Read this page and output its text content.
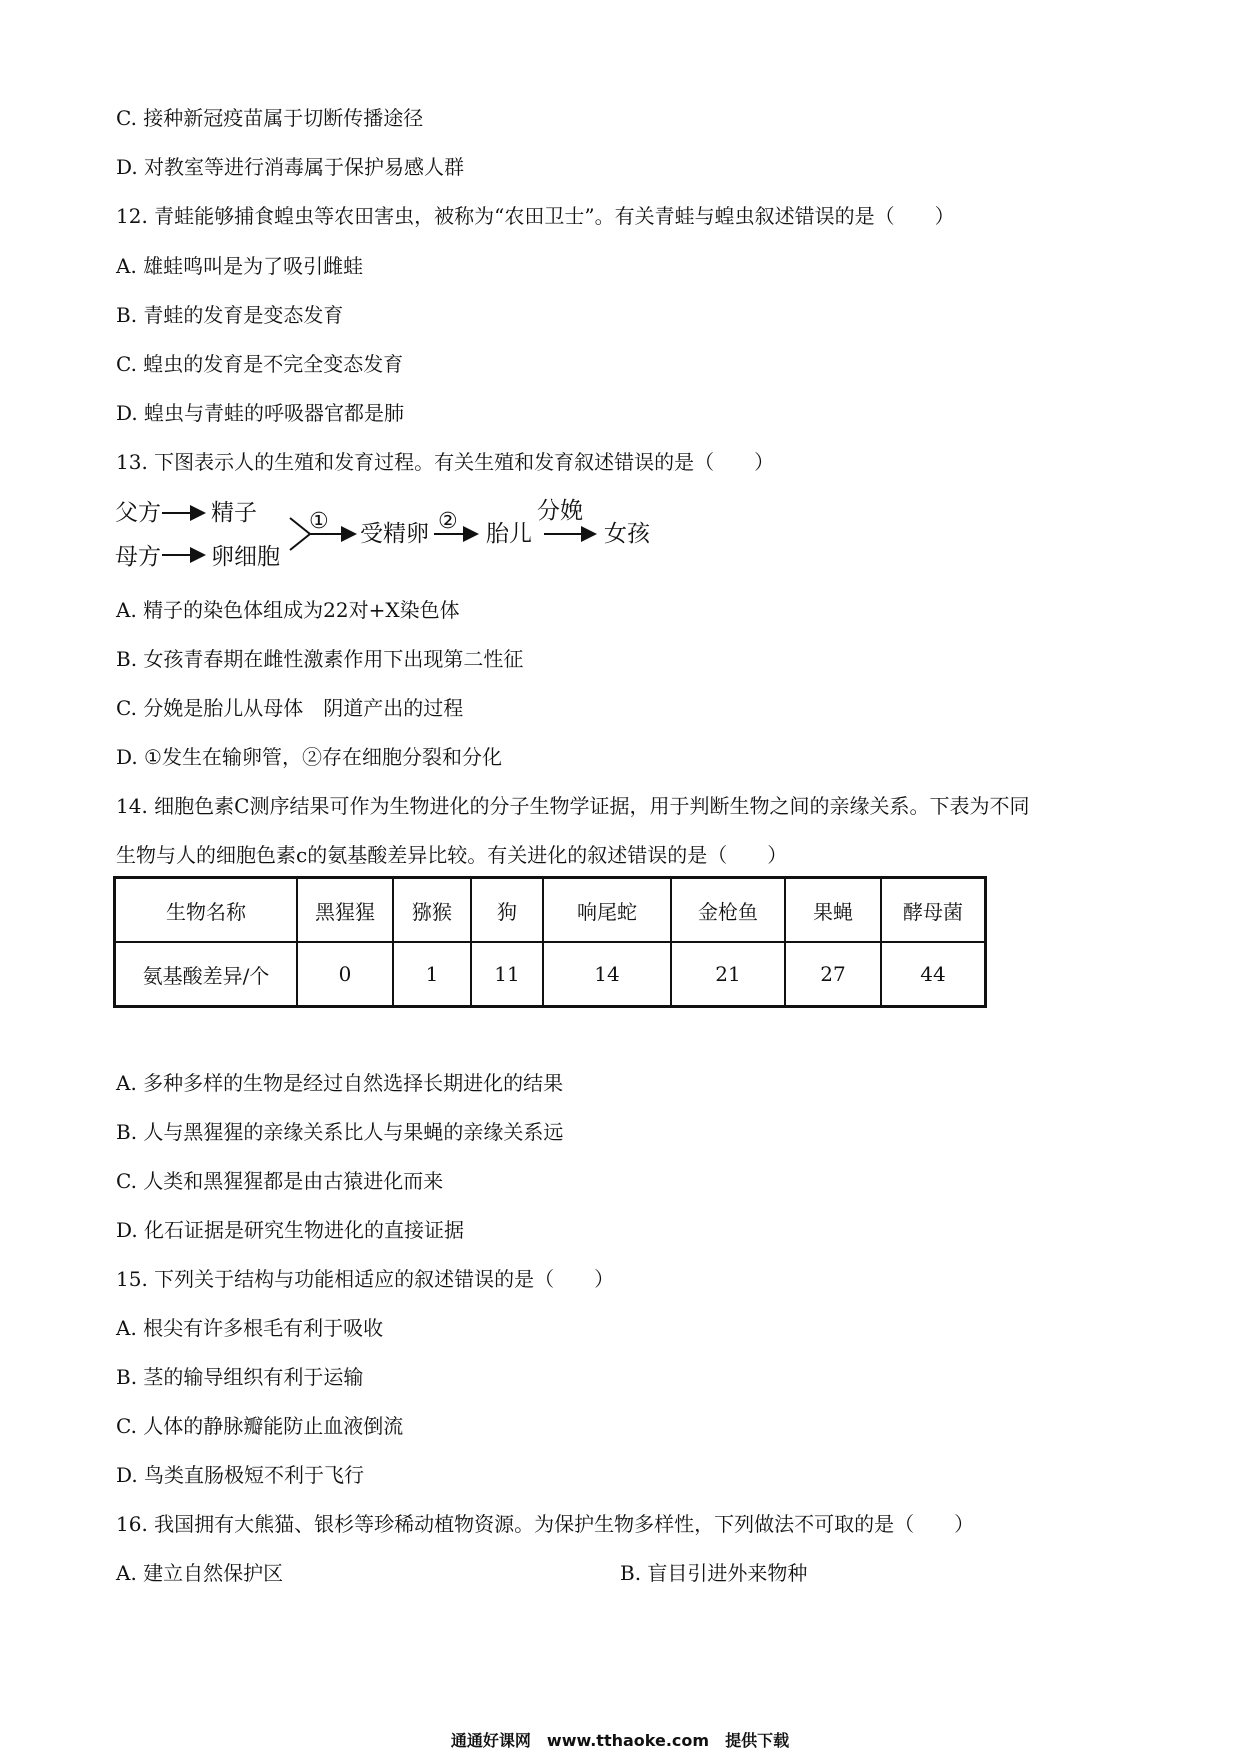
C. 接种新冠疫苗属于切断传播途径
D. 对教室等进行消毒属于保护易感人群
12. 青蛙能够捕食蝗虫等农田害虫，被称为“农田卫士”。有关青蛙与蝗虫叙述错误的是（　　）
A. 雄蛙鸣叫是为了吸引雌蛙
B. 青蛙的发育是变态发育
C. 蝗虫的发育是不完全变态发育
D. 蝗虫与青蛙的呼吸器官都是肺
13. 下图表示人的生殖和发育过程。有关生殖和发育叙述错误的是（　　）
父方 精子
母方 卵细胞
① 受精卵 ② 胎儿
分娩
女孩
A. 精子的染色体组成为22对+X染色体
B. 女孩青春期在雌性激素作用下出现第二性征
C. 分娩是胎儿从母体　阴道产出的过程
D. ①发生在输卵管，②存在细胞分裂和分化
14. 细胞色素C测序结果可作为生物进化的分子生物学证据，用于判断生物之间的亲缘关系。下表为不同
生物与人的细胞色素c的氨基酸差异比较。有关进化的叙述错误的是（　　）
生物名称	黑猩猩	猕猴	狗	响尾蛇	金枪鱼	果蝇	酵母菌
氨基酸差异/个	0	1	11	14	21	27	44
A. 多种多样的生物是经过自然选择长期进化的结果
B. 人与黑猩猩的亲缘关系比人与果蝇的亲缘关系远
C. 人类和黑猩猩都是由古猿进化而来
D. 化石证据是研究生物进化的直接证据
15. 下列关于结构与功能相适应的叙述错误的是（　　）
A. 根尖有许多根毛有利于吸收
B. 茎的输导组织有利于运输
C. 人体的静脉瓣能防止血液倒流
D. 鸟类直肠极短不利于飞行
16. 我国拥有大熊猫、银杉等珍稀动植物资源。为保护生物多样性，下列做法不可取的是（　　）
A. 建立自然保护区	B. 盲目引进外来物种
通通好课网　www.tthaoke.com　提供下载
